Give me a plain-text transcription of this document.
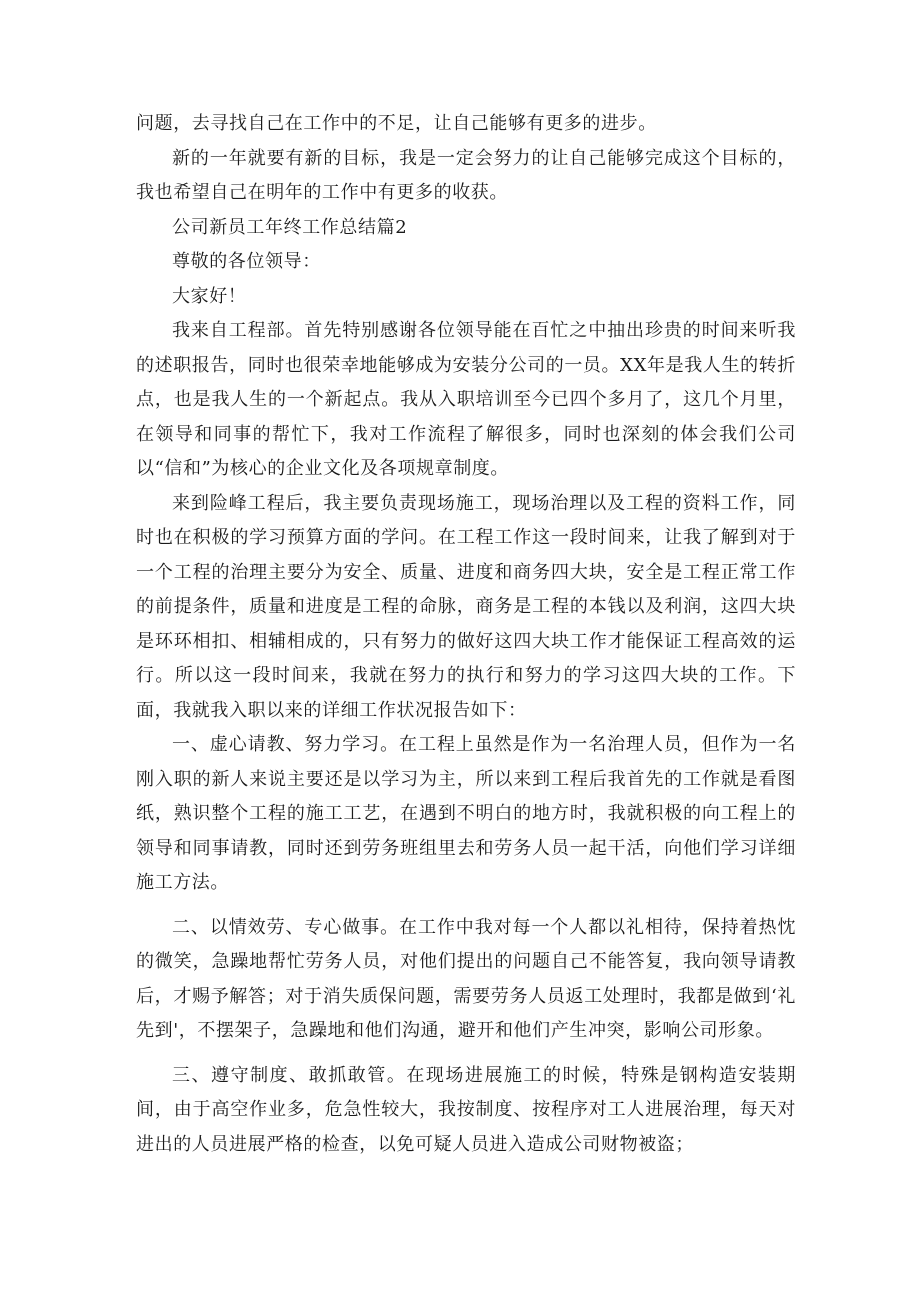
问题，去寻找自己在工作中的不足，让自己能够有更多的进步。

新的一年就要有新的目标，我是一定会努力的让自己能够完成这个目标的，我也希望自己在明年的工作中有更多的收获。

公司新员工年终工作总结篇2

尊敬的各位领导：

大家好！

我来自工程部。首先特别感谢各位领导能在百忙之中抽出珍贵的时间来听我的述职报告，同时也很荣幸地能够成为安装分公司的一员。XX年是我人生的转折点，也是我人生的一个新起点。我从入职培训至今已四个多月了，这几个月里，在领导和同事的帮忙下，我对工作流程了解很多，同时也深刻的体会我们公司以“信和”为核心的企业文化及各项规章制度。

来到险峰工程后，我主要负责现场施工，现场治理以及工程的资料工作，同时也在积极的学习预算方面的学问。在工程工作这一段时间来，让我了解到对于一个工程的治理主要分为安全、质量、进度和商务四大块，安全是工程正常工作的前提条件，质量和进度是工程的命脉，商务是工程的本钱以及利润，这四大块是环环相扣、相辅相成的，只有努力的做好这四大块工作才能保证工程高效的运行。所以这一段时间来，我就在努力的执行和努力的学习这四大块的工作。下面，我就我入职以来的详细工作状况报告如下：

一、虚心请教、努力学习。在工程上虽然是作为一名治理人员，但作为一名刚入职的新人来说主要还是以学习为主，所以来到工程后我首先的工作就是看图纸，熟识整个工程的施工工艺，在遇到不明白的地方时，我就积极的向工程上的领导和同事请教，同时还到劳务班组里去和劳务人员一起干活，向他们学习详细施工方法。

二、以情效劳、专心做事。在工作中我对每一个人都以礼相待，保持着热忱的微笑，急躁地帮忙劳务人员，对他们提出的问题自己不能答复，我向领导请教后，才赐予解答；对于消失质保问题，需要劳务人员返工处理时，我都是做到‘礼先到'，不摆架子，急躁地和他们沟通，避开和他们产生冲突，影响公司形象。

三、遵守制度、敢抓敢管。在现场进展施工的时候，特殊是钢构造安装期间，由于高空作业多，危急性较大，我按制度、按程序对工人进展治理，每天对进出的人员进展严格的检查，以免可疑人员进入造成公司财物被盗；
